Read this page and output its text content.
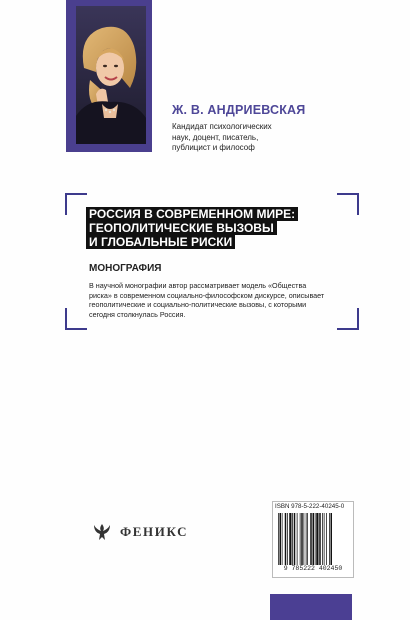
Ж. В. АНДРИЕВСКАЯ
Кандидат психологических
наук, доцент, писатель,
публицист и философ
РОССИЯ В СОВРЕМЕННОМ МИРЕ:
ГЕОПОЛИТИЧЕСКИЕ ВЫЗОВЫ
И ГЛОБАЛЬНЫЕ РИСКИ
МОНОГРАФИЯ
В научной монографии автор рассматривает модель «Общества
риска» в современном социально-философском дискурсе, описывает
геополитические и социально-политические вызовы, с которыми
сегодня столкнулась Россия.
ФЕНИКС
ISBN 978-5-222-40245-0
9 785222 402450
